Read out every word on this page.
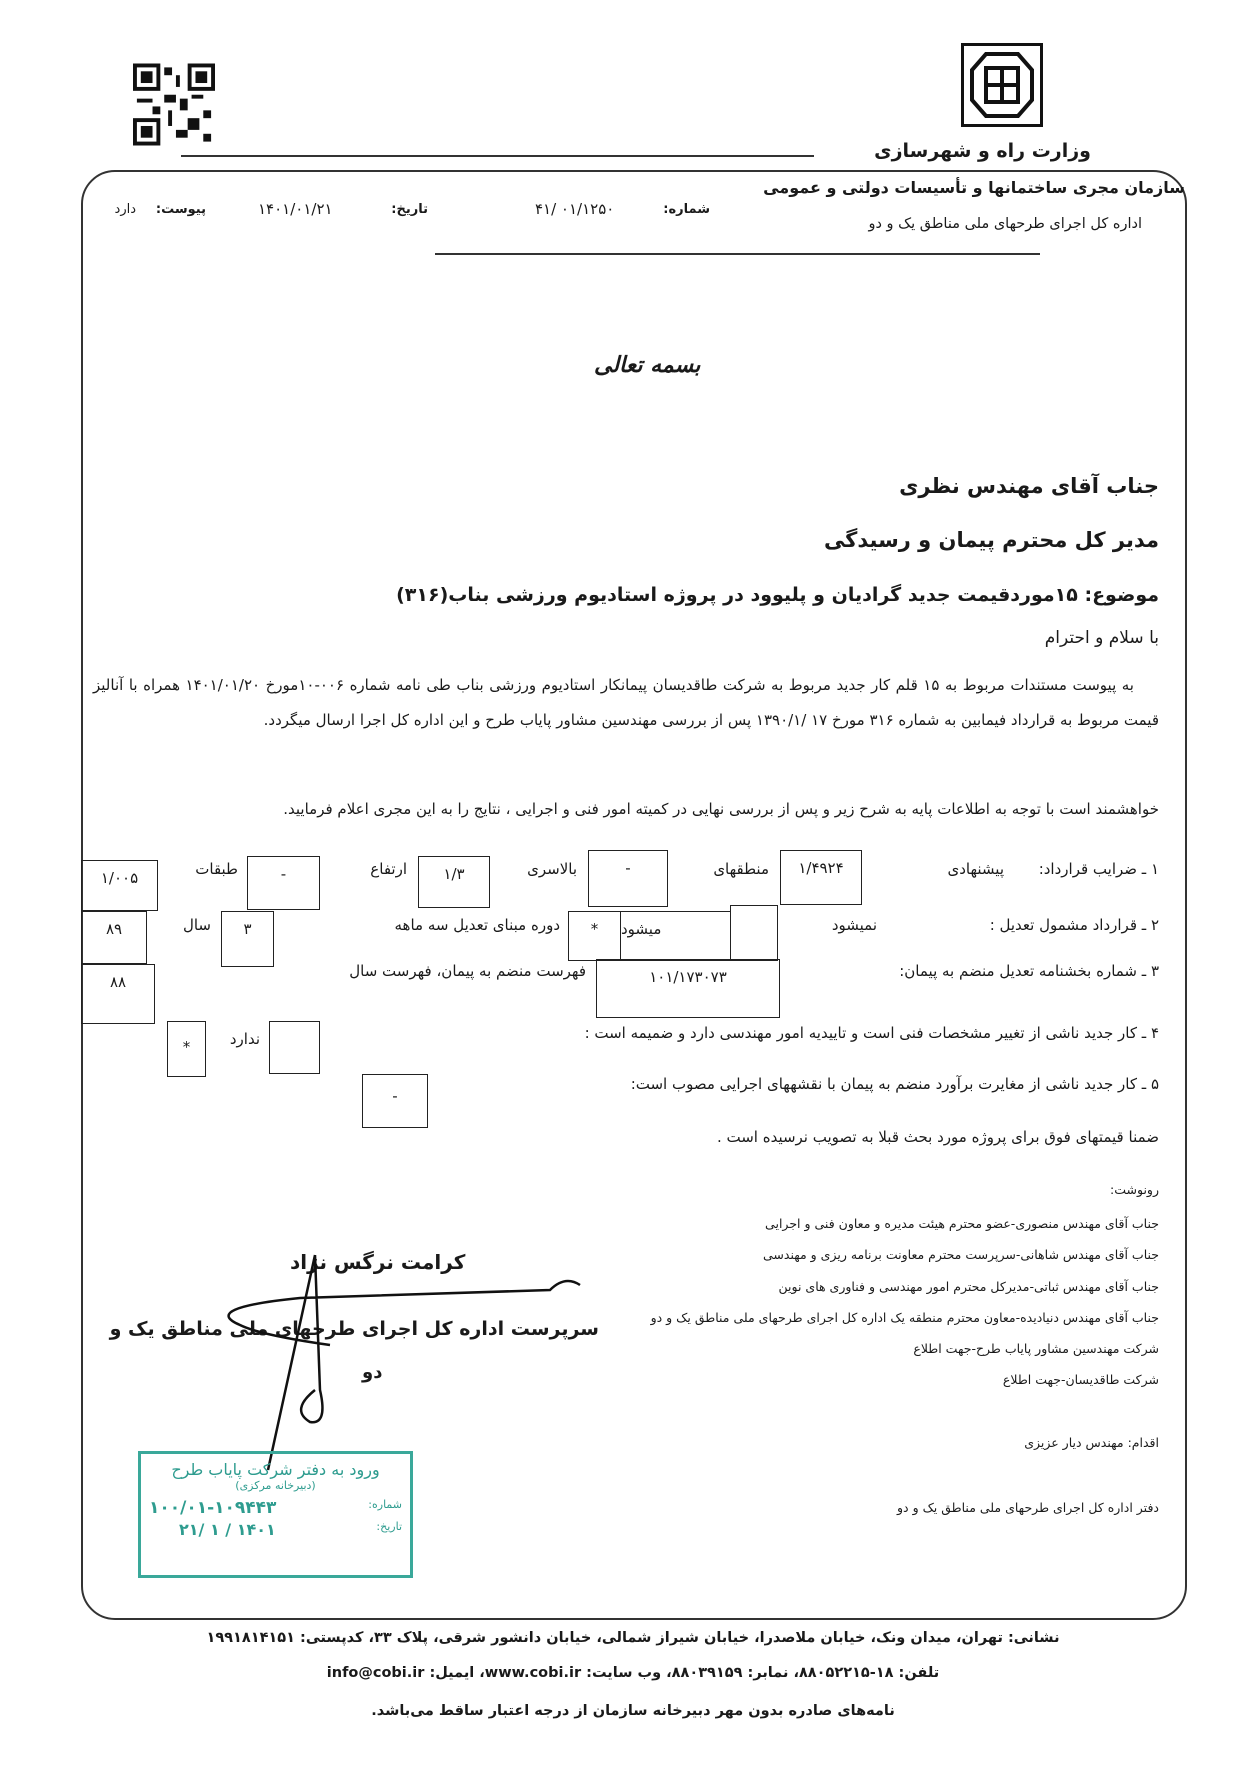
وزارت راه و شهرسازی
سازمان مجری ساختمانها و تأسیسات دولتی و عمومی
اداره کل اجرای طرحهای ملی مناطق یک و دو
شماره:
۴۱/ ۰۱/۱۲۵۰
تاریخ:
۱۴۰۱/۰۱/۲۱
پیوست:
دارد
بسمه تعالی
جناب آقای مهندس نظری
مدیر کل محترم پیمان و رسیدگی
موضوع: ۱۵موردقیمت جدید گرادیان و پلیوود در پروژه استادیوم ورزشی بناب(۳۱۶)
با سلام و احترام
به پیوست مستندات مربوط به ۱۵ قلم کار جدید مربوط به شرکت طاقدیسان پیمانکار استادیوم ورزشی بناب طی نامه شماره ۰۰۶-۱۰مورخ ۱۴۰۱/۰۱/۲۰ همراه با آنالیز قیمت مربوط به قرارداد فیمابین به شماره ۳۱۶ مورخ ۱۷ /۱۳۹۰/۱ پس از بررسی مهندسین مشاور پایاب طرح و این اداره کل اجرا ارسال میگردد.
خواهشمند است با توجه به اطلاعات پایه به شرح زیر و پس از بررسی نهایی در کمیته امور فنی و اجرایی ، نتایج را به این مجری اعلام فرمایید.
۱ ـ ضرایب قرارداد:
پیشنهادی
۱/۴۹۲۴
منطقهای
-
بالاسری
۱/۳
ارتفاع
-
طبقات
۱/۰۰۵
۲ ـ قرارداد مشمول تعدیل :
نمیشود
میشود
*
دوره مبنای تعدیل سه ماهه
۳
سال
۸۹
۳ ـ شماره بخشنامه تعدیل منضم به پیمان:
۱۰۱/۱۷۳۰۷۳
فهرست منضم به پیمان، فهرست سال
۸۸
۴ ـ کار جدید ناشی از تغییر مشخصات فنی است و تاییدیه امور مهندسی دارد و ضمیمه است :
ندارد
*
۵ ـ کار جدید ناشی از مغایرت برآورد منضم به پیمان با نقشههای اجرایی مصوب است:
-
ضمنا قیمتهای فوق برای پروژه مورد بحث قبلا به تصویب نرسیده است .
رونوشت:
جناب آقای مهندس منصوری-عضو محترم هیئت مدیره و معاون فنی و اجرایی
جناب آقای مهندس شاهانی-سرپرست محترم معاونت برنامه ریزی و مهندسی
جناب آقای مهندس ثباتی-مدیرکل محترم امور مهندسی و فناوری های نوین
جناب آقای مهندس دنیادیده-معاون محترم منطقه یک اداره کل اجرای طرحهای ملی مناطق یک و دو
شرکت مهندسین مشاور پایاب طرح-جهت اطلاع
شرکت طاقدیسان-جهت اطلاع
اقدام: مهندس دیار عزیزی
دفتر اداره کل اجرای طرحهای ملی مناطق یک و دو
کرامت نرگس نژاد
سرپرست اداره کل اجرای طرحهای ملی مناطق یک و
دو
ورود به دفتر شرکت پایاب طرح
(دبیرخانه مرکزی)
شماره:
۱۰۰/۰۱-۱۰۹۴۴۳
تاریخ:
۱۴۰۱ / ۱ /۲۱
نشانی: تهران، میدان ونک، خیابان ملاصدرا، خیابان شیراز شمالی، خیابان دانشور شرقی، پلاک ۳۳، کدپستی: ۱۹۹۱۸۱۴۱۵۱
تلفن: ۱۸-۸۸۰۵۲۲۱۵، نمابر: ۸۸۰۳۹۱۵۹، وب سایت: www.cobi.ir، ایمیل: info@cobi.ir
نامه‌های صادره بدون مهر دبیرخانه سازمان از درجه اعتبار ساقط می‌باشد.
